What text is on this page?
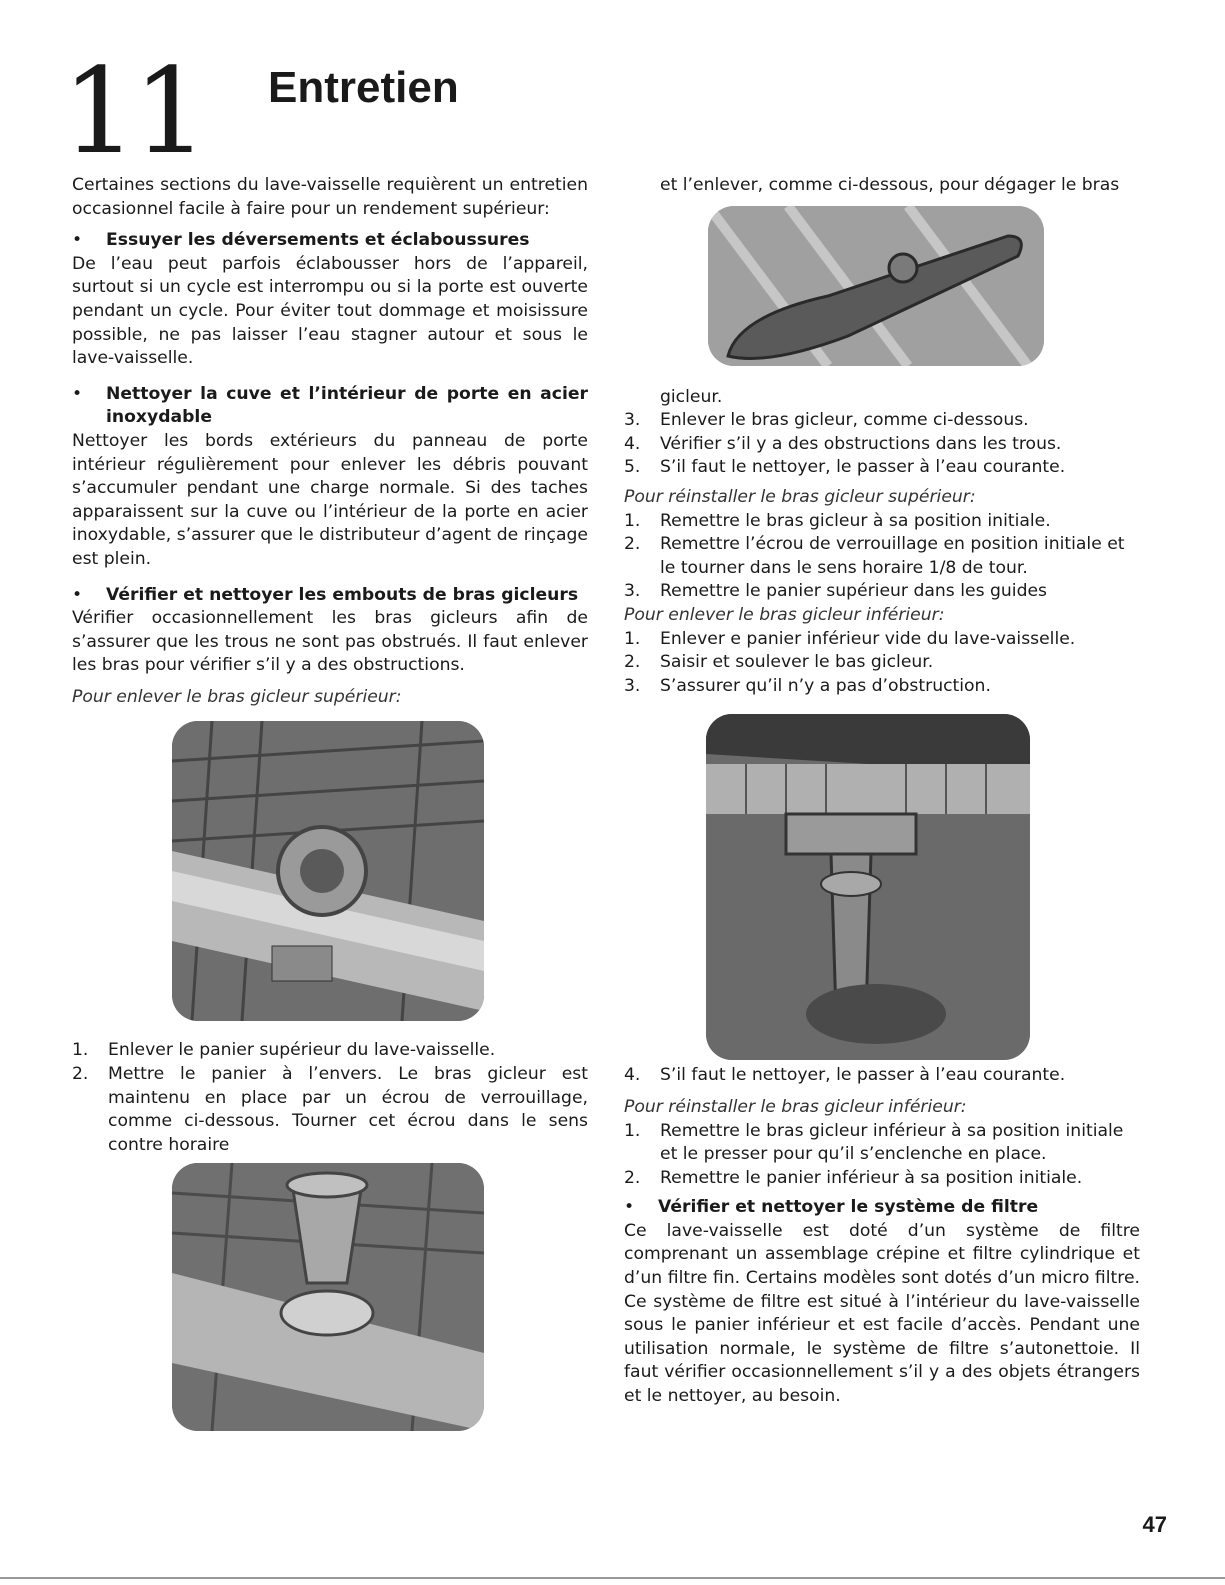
11 Entretien

Certaines sections du lave-vaisselle requièrent un entretien occasionnel facile à faire pour un rendement supérieur:

•	Essuyer les déversements et éclaboussures

De l’eau peut parfois éclabousser hors de l’appareil, surtout si un cycle est interrompu ou si la porte est ouverte pendant un cycle. Pour éviter tout dommage et moisissure possible, ne pas laisser l’eau stagner autour et sous le lave-vaisselle.

•	Nettoyer la cuve et l’intérieur de porte en acier inoxydable

Nettoyer les bords extérieurs du panneau de porte intérieur régulièrement pour enlever les débris pouvant s’accumuler pendant une charge normale. Si des taches apparaissent sur la cuve ou l’intérieur de la porte en acier inoxydable, s’assurer que le distributeur d’agent de rinçage est plein.

•	Vérifier et nettoyer les embouts de bras gicleurs

Vérifier occasionnellement les bras gicleurs afin de s’assurer que les trous ne sont pas obstrués. Il faut enlever les bras pour vérifier s’il y a des obstructions.

Pour enlever le bras gicleur supérieur:

1.	Enlever le panier supérieur du lave-vaisselle.
2.	Mettre le panier à l’envers. Le bras gicleur est maintenu en place par un écrou de verrouillage, comme ci-dessous. Tourner cet écrou dans le sens contre horaire

et l’enlever, comme ci-dessous, pour dégager le bras

gicleur.

3.	Enlever le bras gicleur, comme ci-dessous.
4.	Vérifier s’il y a des obstructions dans les trous.
5.	S’il faut le nettoyer, le passer à l’eau courante.

Pour réinstaller le bras gicleur supérieur:

1.	Remettre le bras gicleur à sa position initiale.
2.	Remettre l’écrou de verrouillage en position initiale et le tourner dans le sens horaire 1/8 de tour.
3.	Remettre le panier supérieur dans les guides

Pour enlever le bras gicleur inférieur:

1.	Enlever e panier inférieur vide du lave-vaisselle.
2.	Saisir et soulever le bas gicleur.
3.	S’assurer qu’il n’y a pas d’obstruction.
4.	S’il faut le nettoyer, le passer à l’eau courante.

Pour réinstaller le bras gicleur inférieur:

1.	Remettre le bras gicleur inférieur à sa position initiale et le presser pour qu’il s’enclenche en place.
2.	Remettre le panier inférieur à sa position initiale.
•	Vérifier et nettoyer le système de filtre

Ce lave-vaisselle est doté d’un système de filtre comprenant un assemblage crépine et filtre cylindrique et d’un filtre fin. Certains modèles sont dotés d’un micro filtre. Ce système de filtre est situé à l’intérieur du lave-vaisselle sous le panier inférieur et est facile d’accès. Pendant une utilisation normale, le système de filtre s’autonettoie. Il faut vérifier occasionnellement s’il y a des objets étrangers et le nettoyer, au besoin.

47
